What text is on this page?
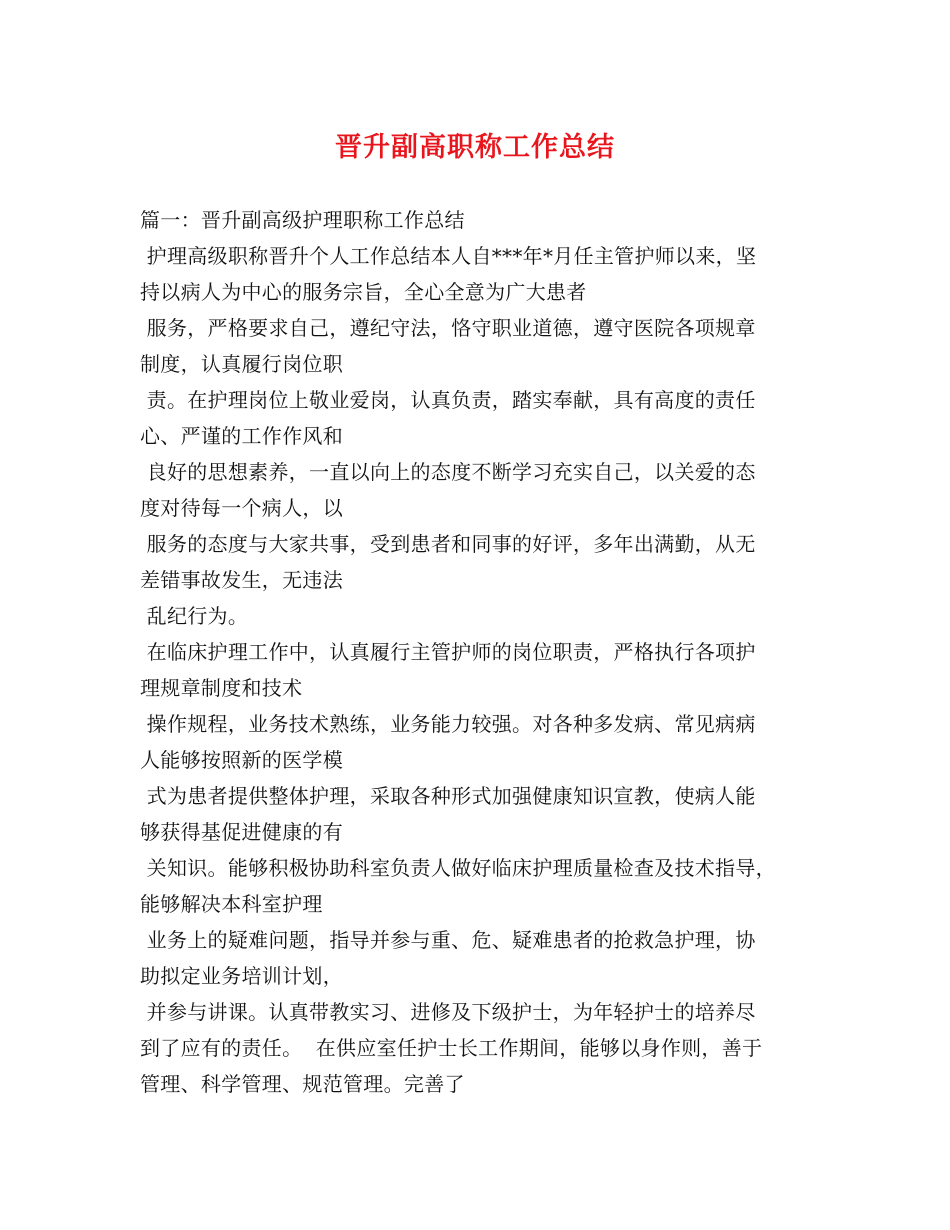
晋升副高职称工作总结
篇一：晋升副高级护理职称工作总结
护理高级职称晋升个人工作总结本人自***年*月任主管护师以来，坚
持以病人为中心的服务宗旨，全心全意为广大患者
服务，严格要求自己，遵纪守法，恪守职业道德，遵守医院各项规章
制度，认真履行岗位职
责。在护理岗位上敬业爱岗，认真负责，踏实奉献，具有高度的责任
心、严谨的工作作风和
良好的思想素养，一直以向上的态度不断学习充实自己，以关爱的态
度对待每一个病人，以
服务的态度与大家共事，受到患者和同事的好评，多年出满勤，从无
差错事故发生，无违法
乱纪行为。
在临床护理工作中，认真履行主管护师的岗位职责，严格执行各项护
理规章制度和技术
操作规程，业务技术熟练，业务能力较强。对各种多发病、常见病病
人能够按照新的医学模
式为患者提供整体护理，采取各种形式加强健康知识宣教，使病人能
够获得基促进健康的有
关知识。能够积极协助科室负责人做好临床护理质量检查及技术指导，
能够解决本科室护理
业务上的疑难问题，指导并参与重、危、疑难患者的抢救急护理，协
助拟定业务培训计划，
并参与讲课。认真带教实习、进修及下级护士，为年轻护士的培养尽
到了应有的责任。  在供应室任护士长工作期间，能够以身作则，善于
管理、科学管理、规范管理。完善了
